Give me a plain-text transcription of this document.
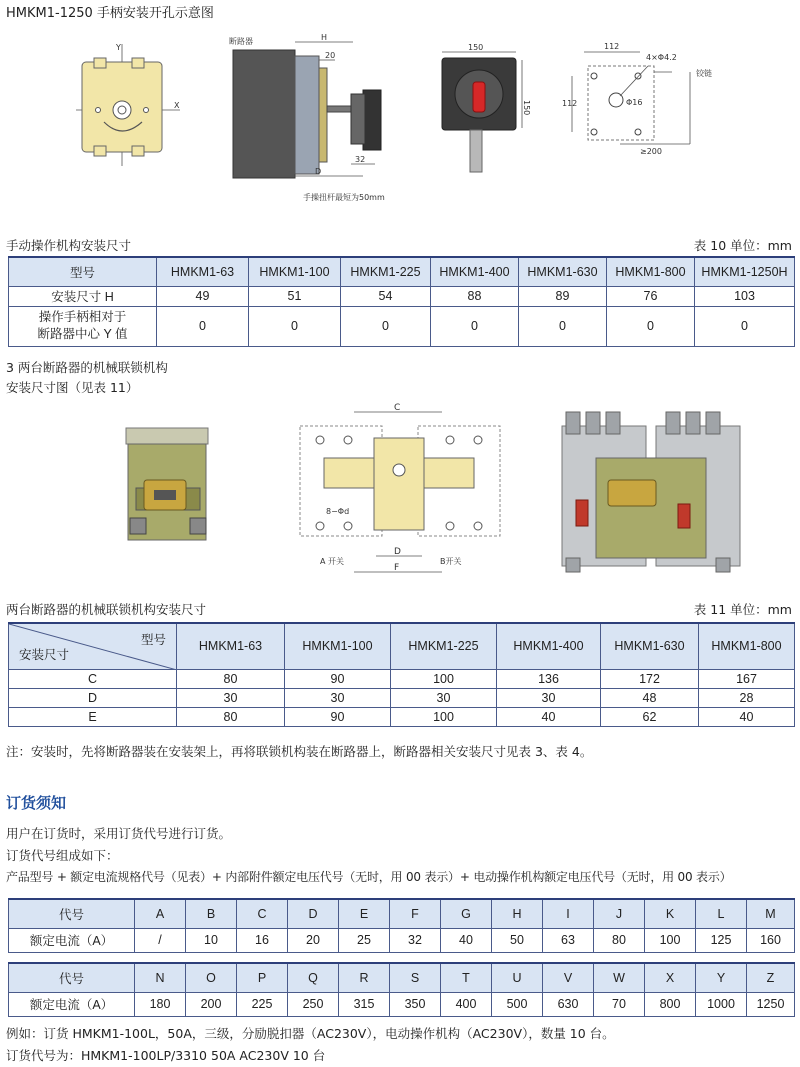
HMKM1-1250 手柄安装开孔示意图
Y
X
断路器	H
20
32
D
手操扭杆最短为50mm
150
150
112
112
4×Φ4.2
铰链
Φ16
≥200
手动操作机构安装尺寸	表 10 单位：mm
型号	HMKM1-63	HMKM1-100	HMKM1-225	HMKM1-400	HMKM1-630	HMKM1-800	HMKM1-1250H
安装尺寸 H	49	51	54	88	89	76	103

操作手柄相对于
断路器中心 Y 值	0	0	0	0	0	0	0
3 两台断路器的机械联锁机构
安装尺寸图（见表 11）
C
D
F
8−Φd
A 开关	B开关
两台断路器的机械联锁机构安装尺寸	表 11 单位：mm
型号
安装尺寸	HMKM1-63	HMKM1-100	HMKM1-225	HMKM1-400	HMKM1-630	HMKM1-800
C	80	90	100	136	172	167
D	30	30	30	30	48	28
E	80	90	100	40	62	40
注：安装时，先将断路器装在安装架上，再将联锁机构装在断路器上，断路器相关安装尺寸见表 3、表 4。
订货须知
用户在订货时，采用订货代号进行订货。
订货代号组成如下：
产品型号 + 额定电流规格代号（见表）+ 内部附件额定电压代号（无时，用 00 表示）+ 电动操作机构额定电压代号（无时，用 00 表示）
代号	A	B	C	D	E	F	G	H	I	J	K	L	M
额定电流（A）	/	10	16	20	25	32	40	50	63	80	100	125	160
代号	N	O	P	Q	R	S	T	U	V	W	X	Y	Z
额定电流（A）	180	200	225	250	315	350	400	500	630	70	800	1000	1250
例如：订货 HMKM1-100L，50A，三级，分励脱扣器（AC230V），电动操作机构（AC230V），数量 10 台。
订货代号为：HMKM1-100LP/3310 50A AC230V 10 台
